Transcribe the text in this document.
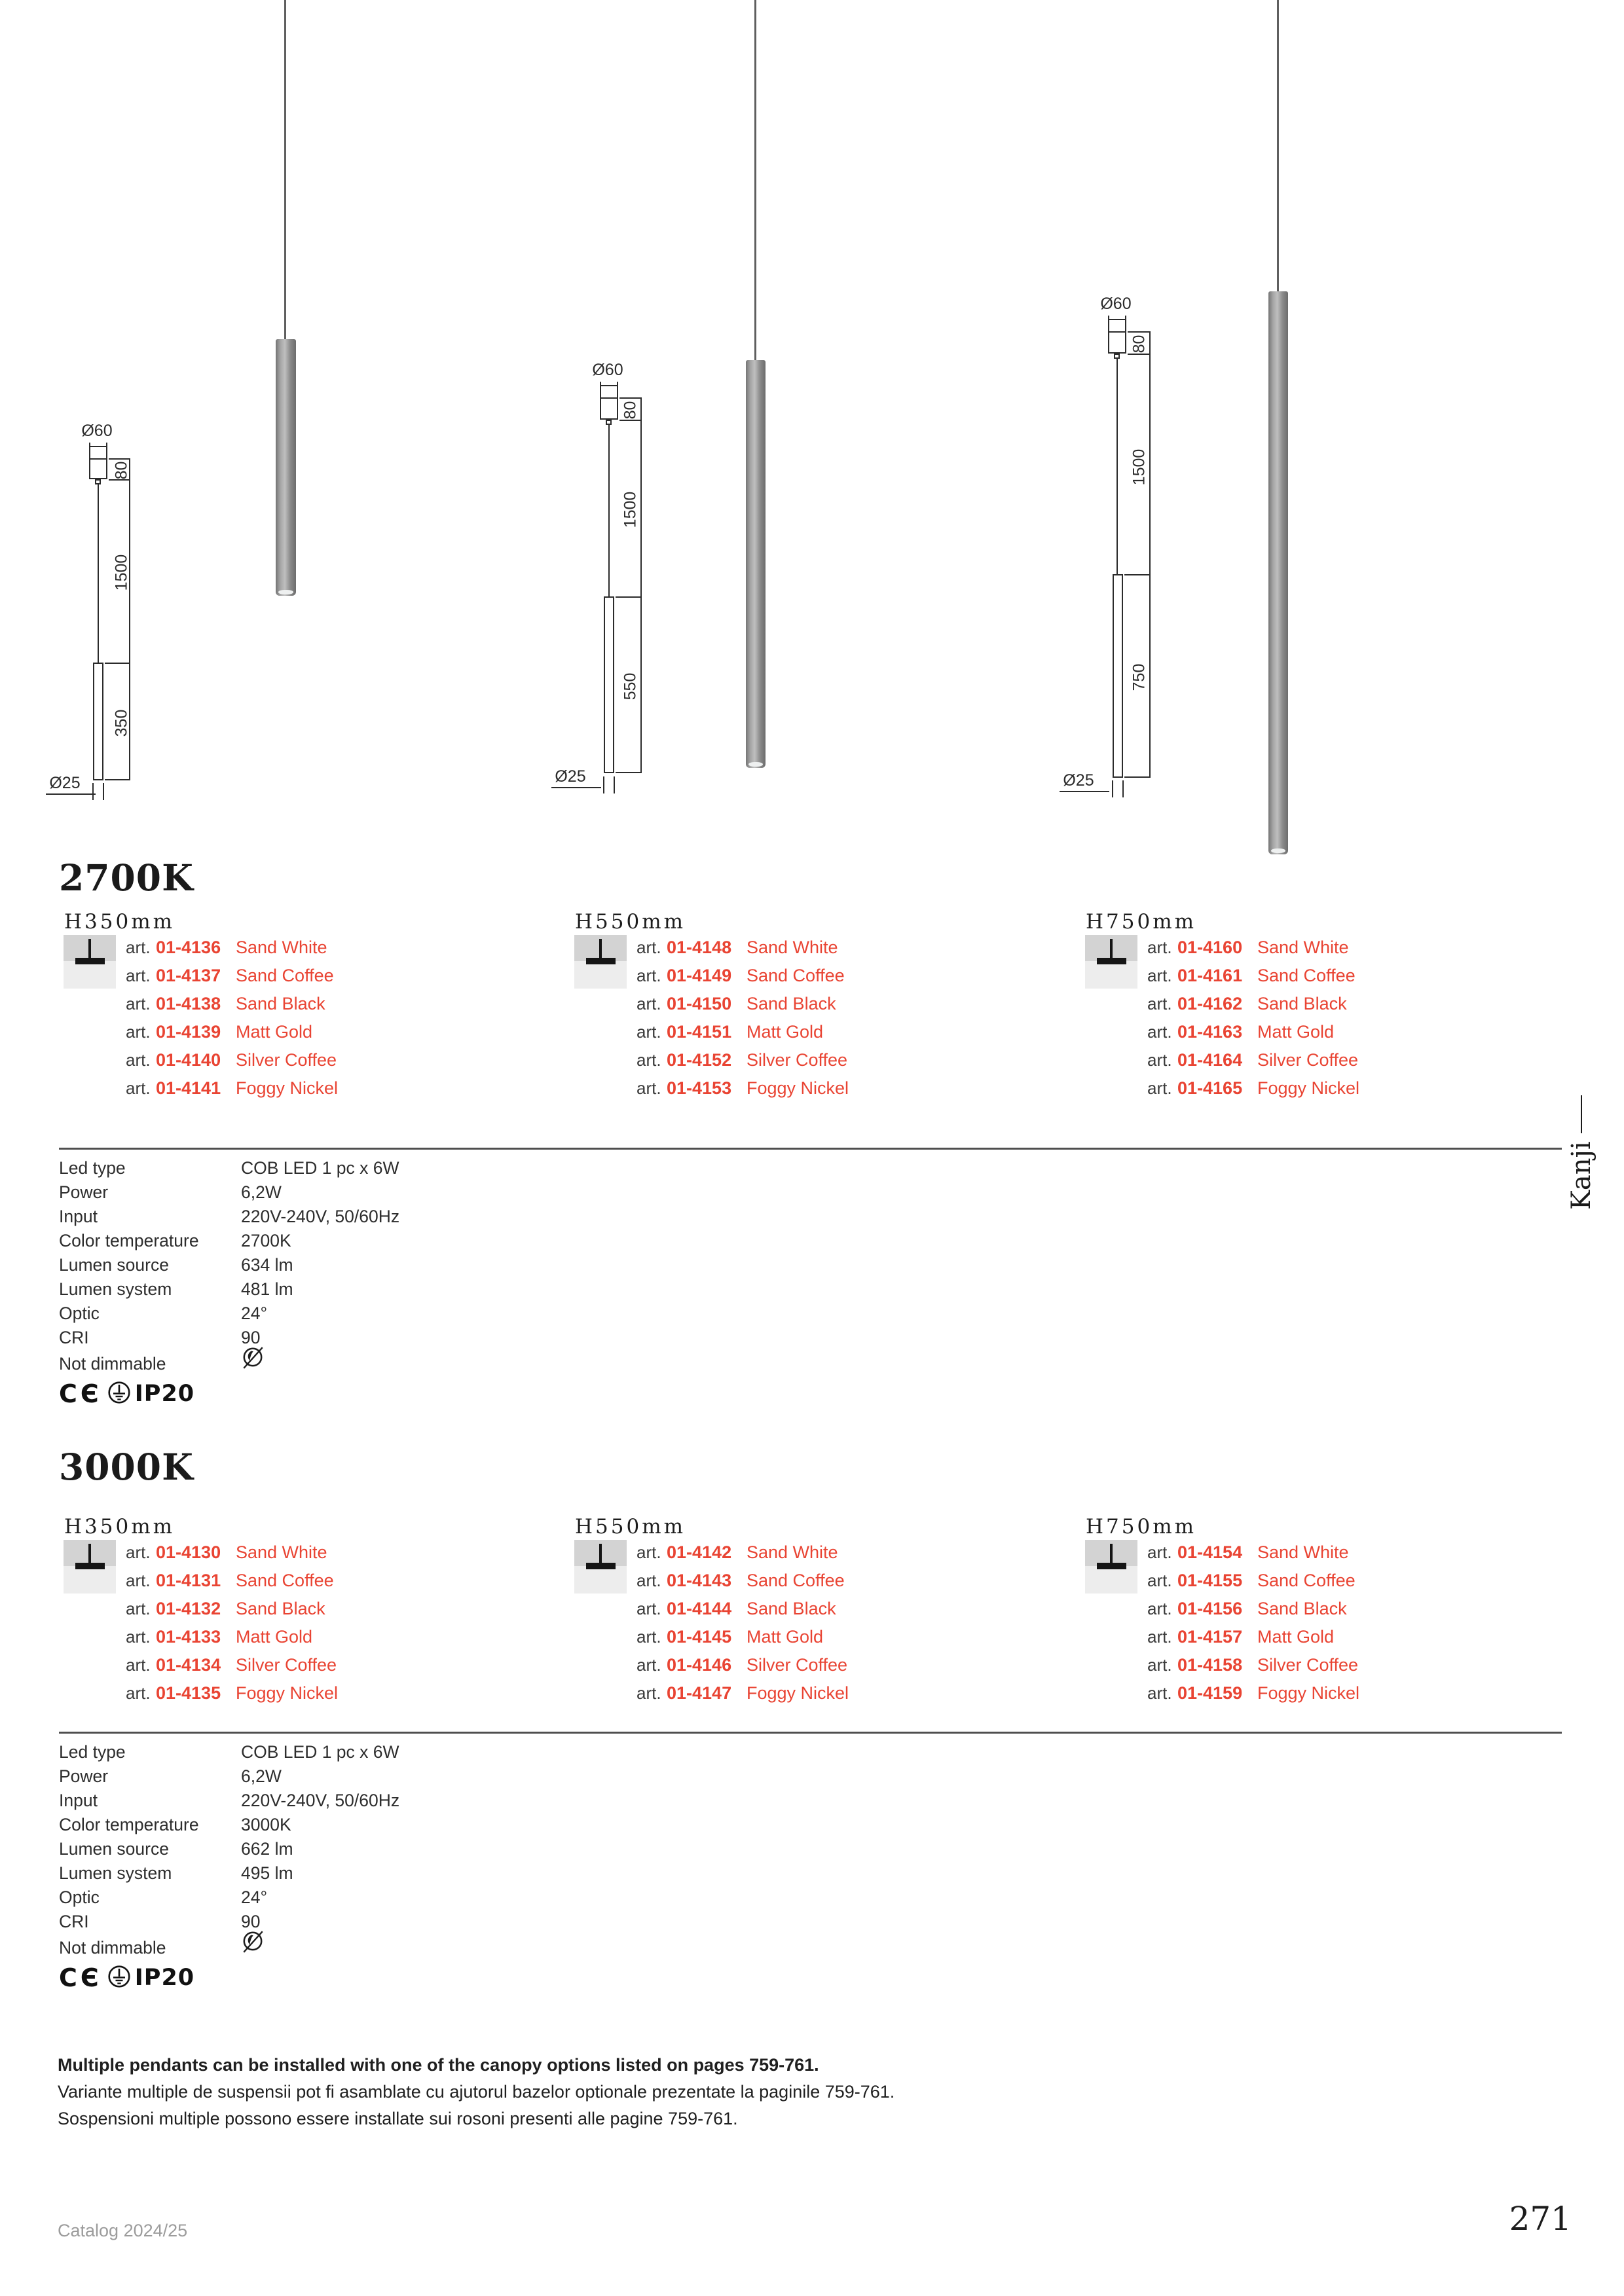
Ø60
80
1500
350
Ø25
Ø60
80
1500
550
Ø25
Ø60
80
1500
750
Ø25
2700K
H350mm
art. 01-4136 Sand White
art. 01-4137 Sand Coffee
art. 01-4138 Sand Black
art. 01-4139 Matt Gold
art. 01-4140 Silver Coffee
art. 01-4141 Foggy Nickel
H550mm
art. 01-4148 Sand White
art. 01-4149 Sand Coffee
art. 01-4150 Sand Black
art. 01-4151 Matt Gold
art. 01-4152 Silver Coffee
art. 01-4153 Foggy Nickel
H750mm
art. 01-4160 Sand White
art. 01-4161 Sand Coffee
art. 01-4162 Sand Black
art. 01-4163 Matt Gold
art. 01-4164 Silver Coffee
art. 01-4165 Foggy Nickel
Led type	COB LED 1 pc x 6W
Power	6,2W
Input	220V-240V, 50/60Hz
Color temperature	2700K
Lumen source	634 lm
Lumen system	481 lm
Optic	24°
CRI	90
Not dimmable
CЄ IP20
3000K
H350mm
art. 01-4130 Sand White
art. 01-4131 Sand Coffee
art. 01-4132 Sand Black
art. 01-4133 Matt Gold
art. 01-4134 Silver Coffee
art. 01-4135 Foggy Nickel
H550mm
art. 01-4142 Sand White
art. 01-4143 Sand Coffee
art. 01-4144 Sand Black
art. 01-4145 Matt Gold
art. 01-4146 Silver Coffee
art. 01-4147 Foggy Nickel
H750mm
art. 01-4154 Sand White
art. 01-4155 Sand Coffee
art. 01-4156 Sand Black
art. 01-4157 Matt Gold
art. 01-4158 Silver Coffee
art. 01-4159 Foggy Nickel
Led type	COB LED 1 pc x 6W
Power	6,2W
Input	220V-240V, 50/60Hz
Color temperature	3000K
Lumen source	662 lm
Lumen system	495 lm
Optic	24°
CRI	90
Not dimmable
CЄ IP20
Multiple pendants can be installed with one of the canopy options listed on pages 759-761.
Variante multiple de suspensii pot fi asamblate cu ajutorul bazelor optionale prezentate la paginile 759-761.
Sospensioni multiple possono essere installate sui rosoni presenti alle pagine 759-761.
Catalog 2024/25	271
Kanji
